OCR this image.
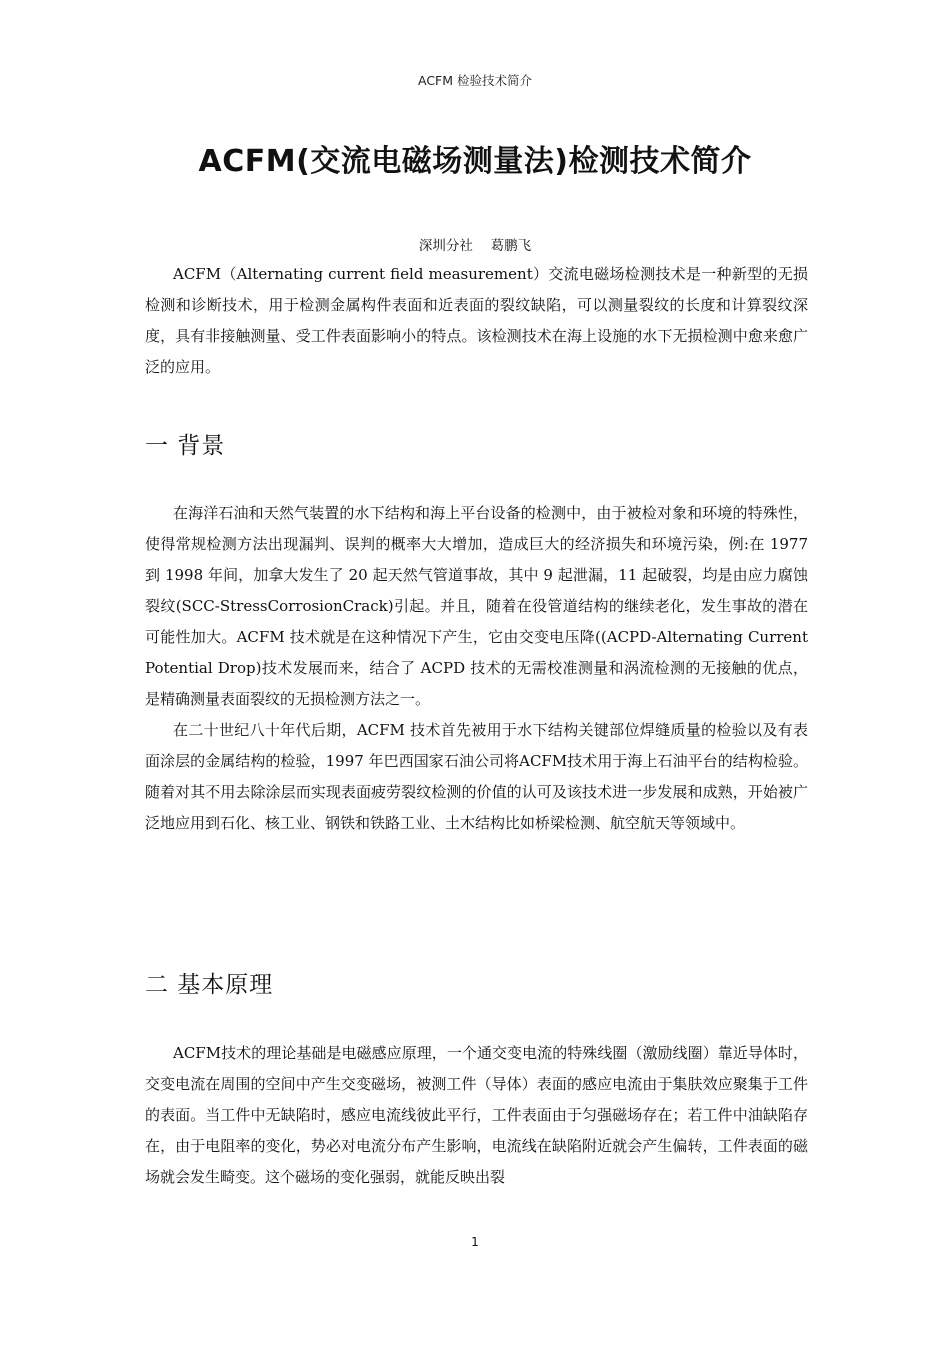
ACFM 检验技术简介
ACFM(交流电磁场测量法)检测技术简介
深圳分社　 葛鹏飞

ACFM（Alternating current field measurement）交流电磁场检测技术是一种新型的无损检测和诊断技术，用于检测金属构件表面和近表面的裂纹缺陷，可以测量裂纹的长度和计算裂纹深度，具有非接触测量、受工件表面影响小的特点。该检测技术在海上设施的水下无损检测中愈来愈广泛的应用。

一 背景

在海洋石油和天然气装置的水下结构和海上平台设备的检测中，由于被检对象和环境的特殊性，使得常规检测方法出现漏判、误判的概率大大增加，造成巨大的经济损失和环境污染，例:在 1977 到 1998 年间，加拿大发生了 20 起天然气管道事故，其中 9 起泄漏，11 起破裂，均是由应力腐蚀裂纹(SCC-StressCorrosionCrack)引起。并且，随着在役管道结构的继续老化，发生事故的潜在可能性加大。ACFM 技术就是在这种情况下产生，它由交变电压降((ACPD-Alternating Current Potential Drop)技术发展而来，结合了 ACPD 技术的无需校准测量和涡流检测的无接触的优点，是精确测量表面裂纹的无损检测方法之一。

在二十世纪八十年代后期，ACFM 技术首先被用于水下结构关键部位焊缝质量的检验以及有表面涂层的金属结构的检验，1997 年巴西国家石油公司将ACFM技术用于海上石油平台的结构检验。随着对其不用去除涂层而实现表面疲劳裂纹检测的价值的认可及该技术进一步发展和成熟，开始被广泛地应用到石化、核工业、钢铁和铁路工业、土木结构比如桥梁检测、航空航天等领域中。

二 基本原理

ACFM技术的理论基础是电磁感应原理，一个通交变电流的特殊线圈（激励线圈）靠近导体时，交变电流在周围的空间中产生交变磁场，被测工件（导体）表面的感应电流由于集肤效应聚集于工件的表面。当工件中无缺陷时，感应电流线彼此平行，工件表面由于匀强磁场存在；若工件中油缺陷存在，由于电阻率的变化，势必对电流分布产生影响，电流线在缺陷附近就会产生偏转，工件表面的磁场就会发生畸变。这个磁场的变化强弱，就能反映出裂

1
